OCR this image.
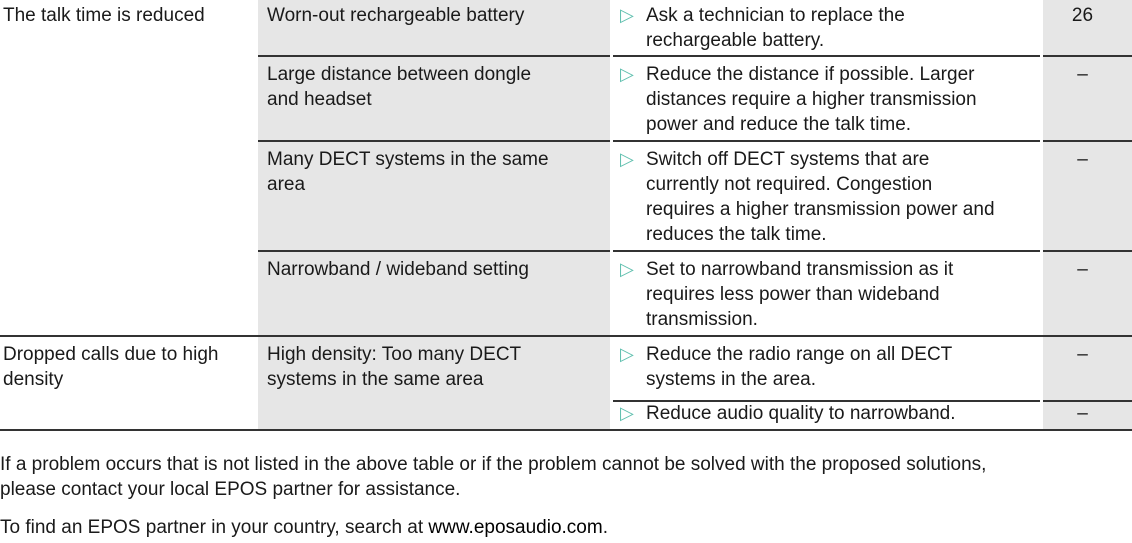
The talk time is reduced
Dropped calls due to high
density
Worn-out rechargeable battery
Large distance between dongle
and headset
Many DECT systems in the same
area
Narrowband / wideband setting
High density: Too many DECT
systems in the same area
▷ Ask a technician to replace the
rechargeable battery.
▷ Reduce the distance if possible. Larger
distances require a higher transmission
power and reduce the talk time.
▷ Switch off DECT systems that are
currently not required. Congestion
requires a higher transmission power and
reduces the talk time.
▷ Set to narrowband transmission as it
requires less power than wideband
transmission.
▷ Reduce the radio range on all DECT
systems in the area.
▷ Reduce audio quality to narrowband.
26
–
–
–
–
–
If a problem occurs that is not listed in the above table or if the problem cannot be solved with the proposed solutions,
please contact your local EPOS partner for assistance.
To find an EPOS partner in your country, search at www.eposaudio.com.
